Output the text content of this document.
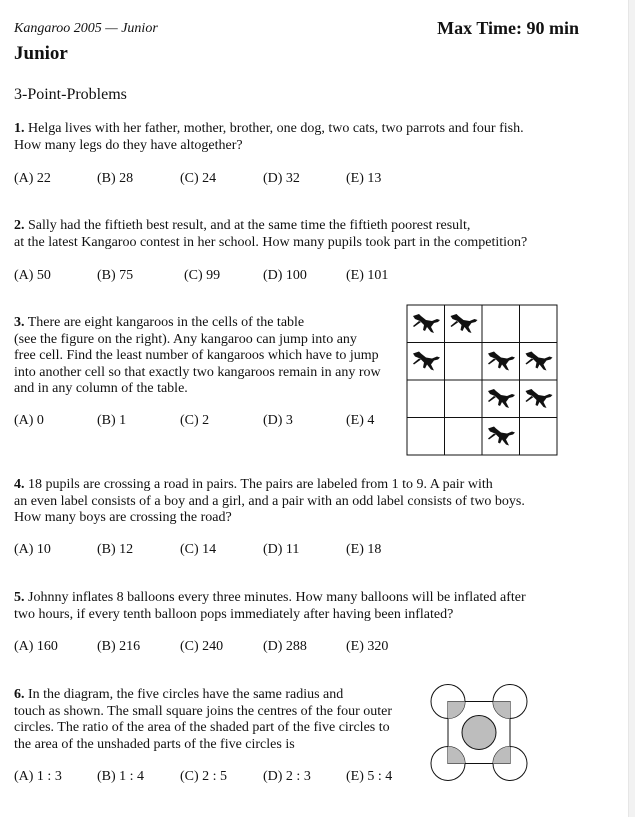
Kangaroo 2005 — Junior	Max Time: 90 min
Junior
3-Point-Problems
1. Helga lives with her father, mother, brother, one dog, two cats, two parrots and four fish.
How many legs do they have altogether?
(A) 22	(B) 28	(C) 24	(D) 32	(E) 13
2. Sally had the fiftieth best result, and at the same time the fiftieth poorest result,
at the latest Kangaroo contest in her school. How many pupils took part in the competition?
(A) 50	(B) 75	(C) 99	(D) 100	(E) 101
3. There are eight kangaroos in the cells of the table
(see the figure on the right). Any kangaroo can jump into any
free cell. Find the least number of kangaroos which have to jump
into another cell so that exactly two kangaroos remain in any row
and in any column of the table.
(A) 0	(B) 1	(C) 2	(D) 3	(E) 4
4. 18 pupils are crossing a road in pairs. The pairs are labeled from 1 to 9. A pair with
an even label consists of a boy and a girl, and a pair with an odd label consists of two boys.
How many boys are crossing the road?
(A) 10	(B) 12	(C) 14	(D) 11	(E) 18
5. Johnny inflates 8 balloons every three minutes. How many balloons will be inflated after
two hours, if every tenth balloon pops immediately after having been inflated?
(A) 160	(B) 216	(C) 240	(D) 288	(E) 320
6. In the diagram, the five circles have the same radius and
touch as shown. The small square joins the centres of the four outer
circles. The ratio of the area of the shaded part of the five circles to
the area of the unshaded parts of the five circles is
(A) 1 : 3	(B) 1 : 4	(C) 2 : 5	(D) 2 : 3	(E) 5 : 4
